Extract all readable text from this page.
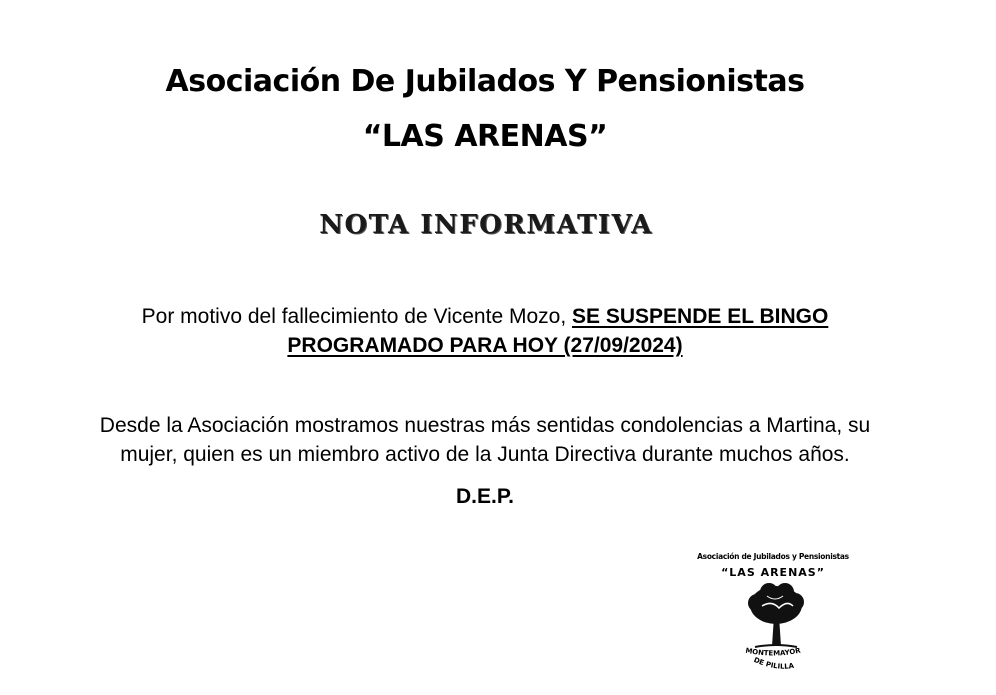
Asociación De Jubilados Y Pensionistas
“LAS ARENAS”
NOTA INFORMATIVA
Por motivo del fallecimiento de Vicente Mozo, SE SUSPENDE EL BINGO
PROGRAMADO PARA HOY (27/09/2024)
Desde la Asociación mostramos nuestras más sentidas condolencias a Martina, su
mujer, quien es un miembro activo de la Junta Directiva durante muchos años.
D.E.P.
Asociación de Jubilados y Pensionistas
“LAS ARENAS”
MONTEMAYOR
DE PILILLA
